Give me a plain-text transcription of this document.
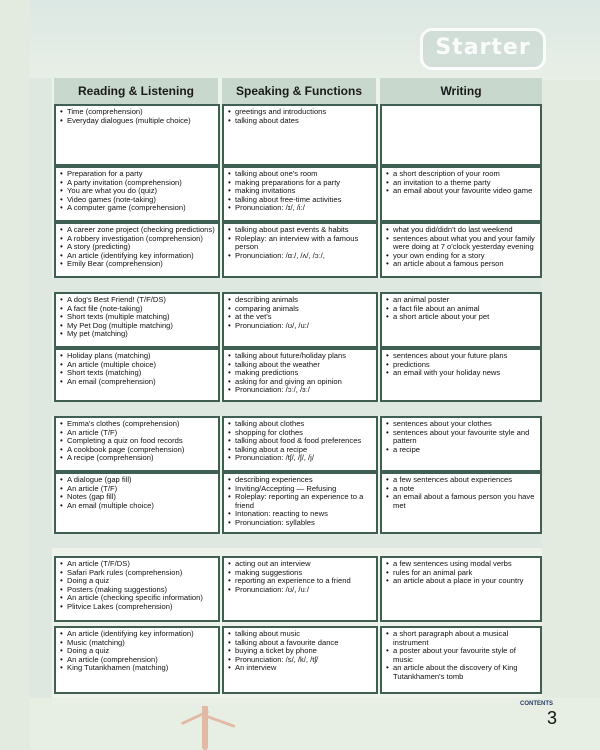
Starter
Reading & Listening	Speaking & Functions	Writing
• Time (comprehension)
• Everyday dialogues (multiple choice)
• greetings and introductions
• talking about dates
• Preparation for a party
• A party invitation (comprehension)
• You are what you do (quiz)
• Video games (note-taking)
• A computer game (comprehension)
• talking about one's room
• making preparations for a party
• making invitations
• talking about free-time activities
• Pronunciation: /ɪ/, /i:/
• a short description of your room
• an invitation to a theme party
• an email about your favourite video game
• A career zone project (checking predictions)
• A robbery investigation (comprehension)
• A story (predicting)
• An article (identifying key information)
• Emily Bear (comprehension)
• talking about past events & habits
• Roleplay: an interview with a famous person
• Pronunciation: /ɑː/, /ʌ/, /ɔː/,
• what you did/didn't do last weekend
• sentences about what you and your family were doing at 7 o'clock yesterday evening
• your own ending for a story
• an article about a famous person
• A dog's Best Friend! (T/F/DS)
• A fact file (note-taking)
• Short texts (multiple matching)
• My Pet Dog (multiple matching)
• My pet (matching)
• describing animals
• comparing animals
• at the vet's
• Pronunciation: /ʊ/, /u:/
• an animal poster
• a fact file about an animal
• a short article about your pet
• Holiday plans (matching)
• An article (multiple choice)
• Short texts (matching)
• An email (comprehension)
• talking about future/holiday plans
• talking about the weather
• making predictions
• asking for and giving an opinion
• Pronunciation: /ɔː/, /ɜː/
• sentences about your future plans
• predictions
• an email with your holiday news
• Emma's clothes (comprehension)
• An article (T/F)
• Completing a quiz on food records
• A cookbook page (comprehension)
• A recipe (comprehension)
• talking about clothes
• shopping for clothes
• talking about food & food preferences
• talking about a recipe
• Pronunciation: /tʃ/, /ʃ/, /j/
• sentences about your clothes
• sentences about your favourite style and pattern
• a recipe
• A dialogue (gap fill)
• An article (T/F)
• Notes (gap fill)
• An email (multiple choice)
• describing experiences
• Inviting/Accepting — Refusing
• Roleplay: reporting an experience to a friend
• Intonation: reacting to news
• Pronunciation: syllables
• a few sentences about experiences
• a note
• an email about a famous person you have met
• An article (T/F/DS)
• Safari Park rules (comprehension)
• Doing a quiz
• Posters (making suggestions)
• An article (checking specific information)
• Plitvice Lakes (comprehension)
• acting out an interview
• making suggestions
• reporting an experience to a friend
• Pronunciation: /ʊ/, /uː/
• a few sentences using modal verbs
• rules for an animal park
• an article about a place in your country
• An article (identifying key information)
• Music (matching)
• Doing a quiz
• An article (comprehension)
• King Tutankhamen (matching)
• talking about music
• talking about a favourite dance
• buying a ticket by phone
• Pronunciation: /s/, /k/, /tʃ/
• An interview
• a short paragraph about a musical instrument
• a poster about your favourite style of music
• an article about the discovery of King Tutankhamen's tomb
CONTENTS
3
